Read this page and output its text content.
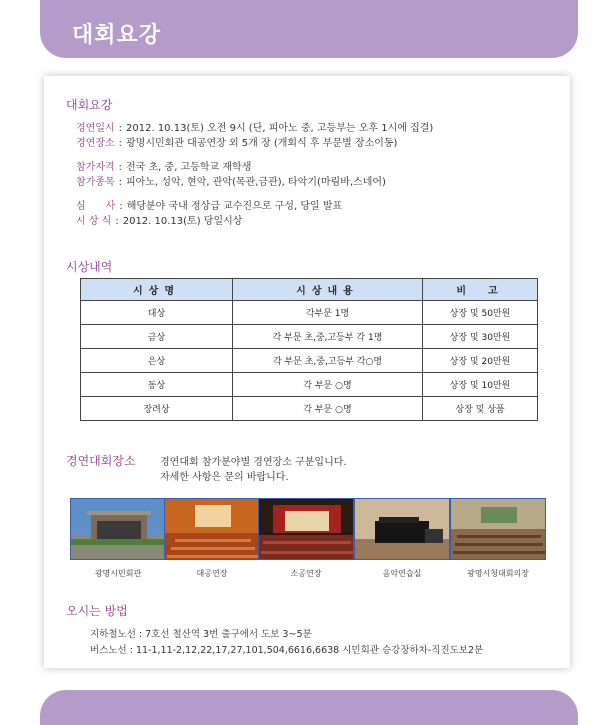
대회요강
대회요강
경연일시 : 2012. 10.13(토) 오전 9시 (단, 피아노 중, 고등부는 오후 1시에 집결)
경연장소 : 광명시민회관 대공연장 외 5개 장 (개회식 후 부문별 장소이동)
참가자격 : 전국 초, 중, 고등학교 재학생
참가종목 : 피아노, 성악, 현악, 관악(목관,금관), 타악기(마림바,스네어)
심　　사 : 해당분야 국내 정상급 교수진으로 구성, 당일 발표
시 상 식 : 2012. 10.13(토) 당일시상
시상내역
시상명	시상내용	비　고
대상	각부문 1명	상장 및 50만원
금상	각 부문 초,중,고등부 각 1명	상장 및 30만원
은상	각 부문 초,중,고등부 각○명	상장 및 20만원
동상	각 부문 ○명	상장 및 10만원
장려상	각 부문 ○명	상장 및 상품
경연대회장소 경연대회 참가분야별 경연장소 구분입니다.
자세한 사항은 문의 바랍니다.
광명시민회관	대공연장	소공연장	음악연습실	광명시청대회의장
오시는 방법
지하철노선 : 7호선 철산역 3번 출구에서 도보 3~5분
버스노선 : 11-1,11-2,12,22,17,27,101,504,6616,6638 시민회관 승강장하차-직진도보2분
